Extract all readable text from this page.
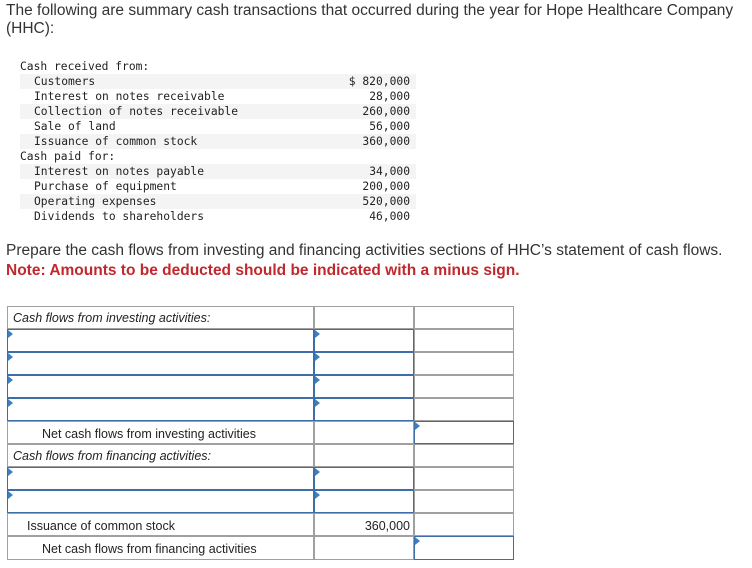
The following are summary cash transactions that occurred during the year for Hope Healthcare Company (HHC):
Cash received from:
Customers	$ 820,000
Interest on notes receivable	28,000
Collection of notes receivable	260,000
Sale of land	56,000
Issuance of common stock	360,000
Cash paid for:
Interest on notes payable	34,000
Purchase of equipment	200,000
Operating expenses	520,000
Dividends to shareholders	46,000
Prepare the cash flows from investing and financing activities sections of HHC’s statement of cash flows.
Note: Amounts to be deducted should be indicated with a minus sign.
Cash flows from investing activities:
Net cash flows from investing activities
Cash flows from financing activities:
Issuance of common stock	360,000
Net cash flows from financing activities
